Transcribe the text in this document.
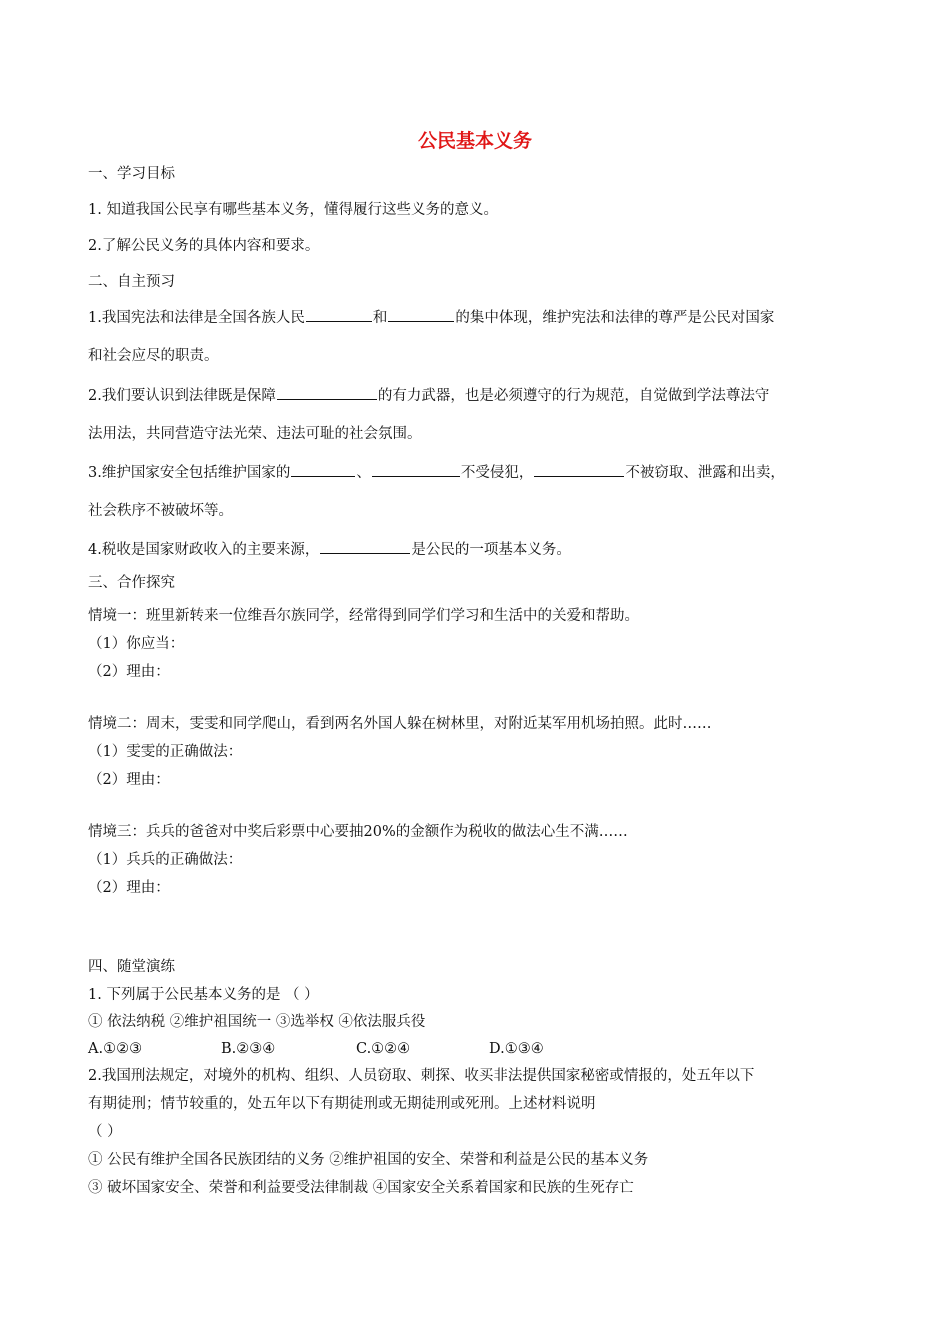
公民基本义务
一、学习目标
1. 知道我国公民享有哪些基本义务，懂得履行这些义务的意义。
2.了解公民义务的具体内容和要求。
二、自主预习
1.我国宪法和法律是全国各族人民	和	的集中体现，维护宪法和法律的尊严是公民对国家
和社会应尽的职责。
2.我们要认识到法律既是保障	的有力武器，也是必须遵守的行为规范，自觉做到学法尊法守
法用法，共同营造守法光荣、违法可耻的社会氛围。
3.维护国家安全包括维护国家的	、	不受侵犯，	不被窃取、泄露和出卖，
社会秩序不被破坏等。
4.税收是国家财政收入的主要来源，	是公民的一项基本义务。
三、合作探究
情境一：班里新转来一位维吾尔族同学，经常得到同学们学习和生活中的关爱和帮助。
（1）你应当：
（2）理由：
情境二：周末，雯雯和同学爬山，看到两名外国人躲在树林里，对附近某军用机场拍照。此时……
（1）雯雯的正确做法：
（2）理由：
情境三：兵兵的爸爸对中奖后彩票中心要抽20%的金额作为税收的做法心生不满……
（1）兵兵的正确做法：
（2）理由：
四、随堂演练
1. 下列属于公民基本义务的是 （ ）
① 依法纳税 ②维护祖国统一 ③选举权 ④依法服兵役
A.①②③	B.②③④	C.①②④	D.①③④
2.我国刑法规定，对境外的机构、组织、人员窃取、刺探、收买非法提供国家秘密或情报的，处五年以下
有期徒刑；情节较重的，处五年以下有期徒刑或无期徒刑或死刑。上述材料说明
（ ）
① 公民有维护全国各民族团结的义务 ②维护祖国的安全、荣誉和利益是公民的基本义务
③ 破坏国家安全、荣誉和利益要受法律制裁 ④国家安全关系着国家和民族的生死存亡
